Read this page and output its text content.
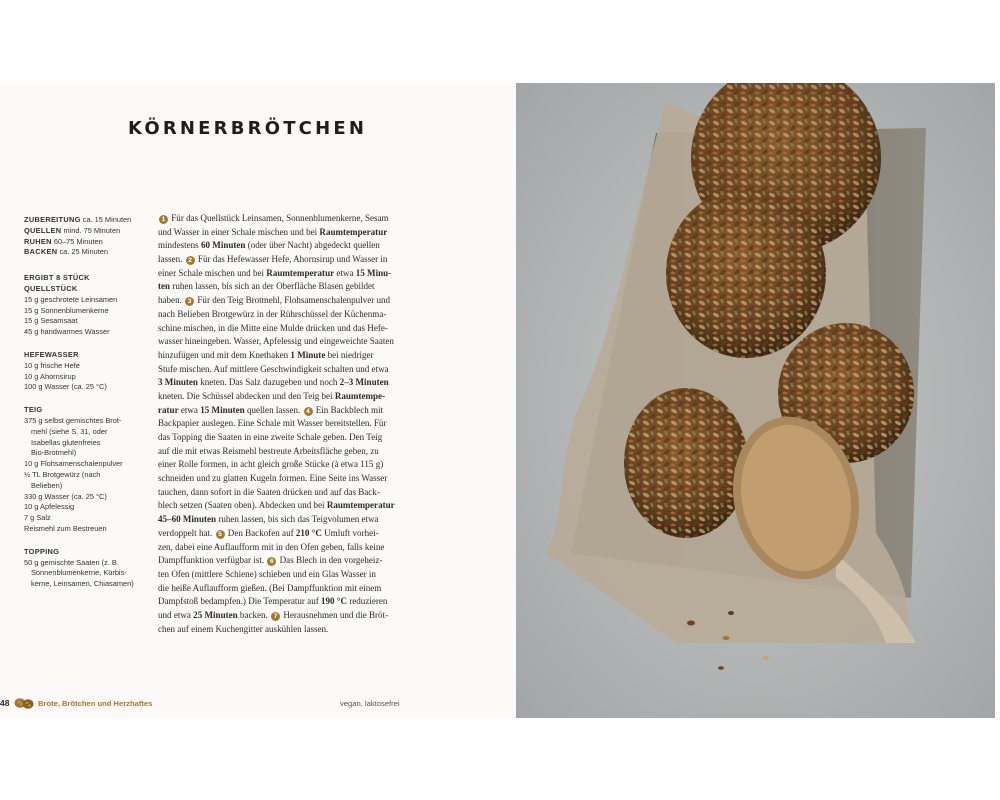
KÖRNERBRÖTCHEN
ZUBEREITUNG ca. 15 Minuten
QUELLEN mind. 75 Minuten
RUHEN 60–75 Minuten
BACKEN ca. 25 Minuten
ERGIBT 8 STÜCK
QUELLSTÜCK
15 g geschrotete Leinsamen
15 g Sonnenblumenkerne
15 g Sesamsaat
45 g handwarmes Wasser
HEFEWASSER
10 g frische Hefe
10 g Ahornsirup
100 g Wasser (ca. 25 °C)
TEIG
375 g selbst gemischtes Brot-
mehl (siehe S. 31, oder
Isabellas glutenfreies
Bio-Brotmehl)
10 g Flohsamenschalenpulver
½ TL Brotgewürz (nach
Belieben)
330 g Wasser (ca. 25 °C)
10 g Apfelessig
7 g Salz
Reismehl zum Bestreuen
TOPPING
50 g gemischte Saaten (z. B.
Sonnenblumenkerne, Kürbis-
kerne, Leinsamen, Chiasamen)
1 Für das Quellstück Leinsamen, Sonnenblumenkerne, Sesam
und Wasser in einer Schale mischen und bei Raumtemperatur
mindestens 60 Minuten (oder über Nacht) abgedeckt quellen
lassen. 2 Für das Hefewasser Hefe, Ahornsirup und Wasser in
einer Schale mischen und bei Raumtemperatur etwa 15 Minu-
ten ruhen lassen, bis sich an der Oberfläche Blasen gebildet
haben. 3 Für den Teig Brotmehl, Flohsamenschalenpulver und
nach Belieben Brotgewürz in der Rührschüssel der Küchenma-
schine mischen, in die Mitte eine Mulde drücken und das Hefe-
wasser hineingeben. Wasser, Apfelessig und eingeweichte Saaten
hinzufügen und mit dem Knethaken 1 Minute bei niedriger
Stufe mischen. Auf mittlere Geschwindigkeit schalten und etwa
3 Minuten kneten. Das Salz dazugeben und noch 2–3 Minuten
kneten. Die Schüssel abdecken und den Teig bei Raumtempe-
ratur etwa 15 Minuten quellen lassen. 4 Ein Backblech mit
Backpapier auslegen. Eine Schale mit Wasser bereitstellen. Für
das Topping die Saaten in eine zweite Schale geben. Den Teig
auf die mit etwas Reismehl bestreute Arbeitsfläche geben, zu
einer Rolle formen, in acht gleich große Stücke (à etwa 115 g)
schneiden und zu glatten Kugeln formen. Eine Seite ins Wasser
tauchen, dann sofort in die Saaten drücken und auf das Back-
blech setzen (Saaten oben). Abdecken und bei Raumtemperatur
45–60 Minuten ruhen lassen, bis sich das Teigvolumen etwa
verdoppelt hat. 5 Den Backofen auf 210 °C Umluft vorhei-
zen, dabei eine Auflaufform mit in den Ofen geben, falls keine
Dampffunktion verfügbar ist. 6 Das Blech in den vorgeheiz-
ten Ofen (mittlere Schiene) schieben und ein Glas Wasser in
die heiße Auflaufform gießen. (Bei Dampffunktion mit einem
Dampfstoß bedampfen.) Die Temperatur auf 190 °C reduzieren
und etwa 25 Minuten backen. 7 Herausnehmen und die Bröt-
chen auf einem Kuchengitter auskühlen lassen.
48	Brote, Brötchen und Herzhaftes	vegan, laktosefrei
